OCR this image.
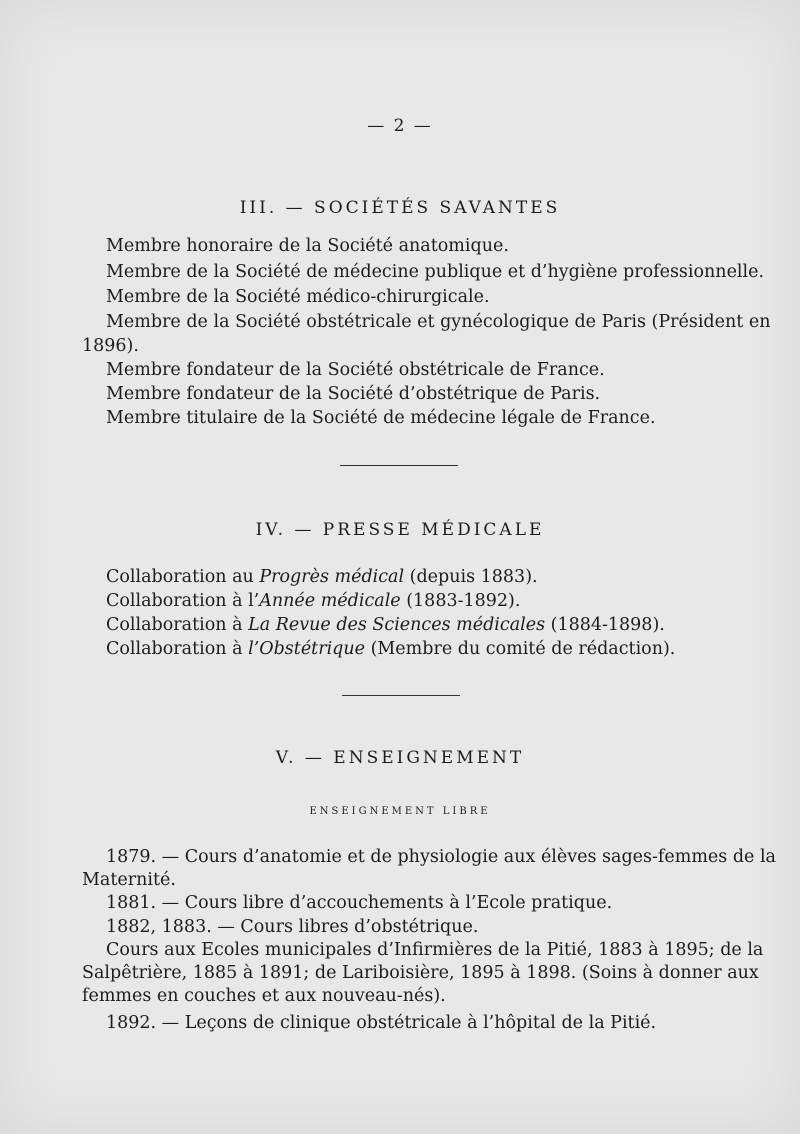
— 2 —
III. — SOCIÉTÉS SAVANTES
Membre honoraire de la Société anatomique.
Membre de la Société de médecine publique et d’hygiène professionnelle.
Membre de la Société médico-chirurgicale.
Membre de la Société obstétricale et gynécologique de Paris (Président en
1896).
Membre fondateur de la Société obstétricale de France.
Membre fondateur de la Société d’obstétrique de Paris.
Membre titulaire de la Société de médecine légale de France.
IV. — PRESSE MÉDICALE
Collaboration au Progrès médical (depuis 1883).
Collaboration à l’Année médicale (1883-1892).
Collaboration à La Revue des Sciences médicales (1884-1898).
Collaboration à l’Obstétrique (Membre du comité de rédaction).
V. — ENSEIGNEMENT
ENSEIGNEMENT LIBRE
1879. — Cours d’anatomie et de physiologie aux élèves sages-femmes de la
Maternité.
1881. — Cours libre d’accouchements à l’Ecole pratique.
1882, 1883. — Cours libres d’obstétrique.
Cours aux Ecoles municipales d’Infirmières de la Pitié, 1883 à 1895; de la
Salpêtrière, 1885 à 1891; de Lariboisière, 1895 à 1898. (Soins à donner aux
femmes en couches et aux nouveau-nés).
1892. — Leçons de clinique obstétricale à l’hôpital de la Pitié.
